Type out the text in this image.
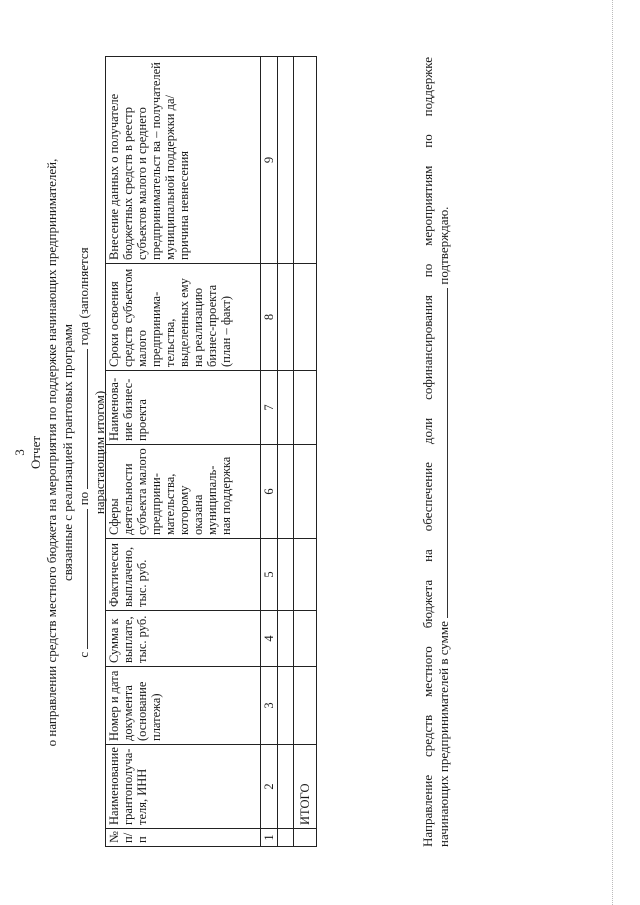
3 Отчет о направлении средств местного бюджета на мероприятия по поддержке начинающих предпринимателей, связанные с реализацией грантовых программ
с  по  года (заполняется
нарастающим итогом)
№ п/п	Наименование грантополуча-теля, ИНН	Номер и дата документа (основание платежа)	Сумма к выплате, тыс. руб.	Фактически выплачено, тыс. руб.	Сферы деятельности субъекта малого предприни-мательства, которому оказана муниципаль-ная поддержка	Наименова-ние бизнес-проекта	Сроки освоения средств субъектом малого предпринима-тельства, выделенных ему на реализацию бизнес-проекта (план – факт)	Внесение данных о получателе бюджетных средств в реестр субъектов малого и среднего предпринимательст ва – получателей муниципальной поддержки да/причина невнесения
1	2	3	4	5	6	7	8	9

	ИТОГО								Направление средств местного бюджета на обеспечение доли софинансирования по мероприятиям по поддержке начинающих предпринимателей в сумме  подтверждаю.
